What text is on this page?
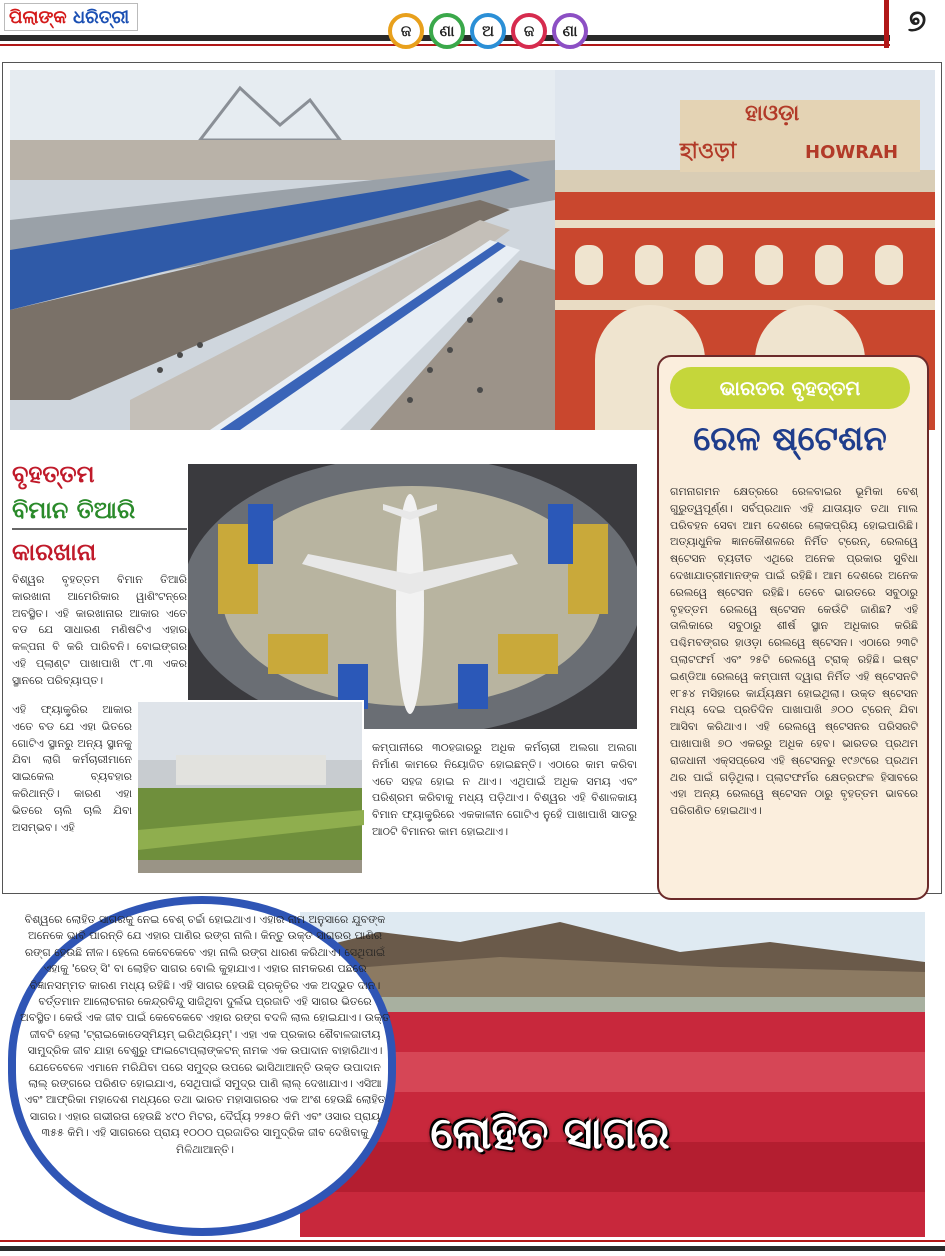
ପିଲାଙ୍କ ଧରିତ୍ରୀ
ଜ ଣା ଅ ଜ ଣା	୭
ହାଓଡ଼ା
হাওড়া	HOWRAH
ଭାରତର ବୃହତ୍ତମ
ରେଳ ଷ୍ଟେଶନ
ଗମନାଗମନ କ୍ଷେତ୍ରରେ ରେଳବାଇର ଭୂମିକା ବେଶ୍ ଗୁରୁତ୍ୱପୂର୍ଣ୍ଣ। ସର୍ବପ୍ରଥାନ ଏହି ଯାତାୟାତ ତଥା ମାଲ ପରିବହନ ସେବା ଆମ ଦେଶରେ ଲୋକପ୍ରିୟ ହୋଇପାରିଛି। ଅତ୍ୟାଧୁନିକ ଜ୍ଞାନକୌଶଳରେ ନିର୍ମିତ ଟ୍ରେନ୍, ରେଲୱେ ଷ୍ଟେସନ ବ୍ୟତୀତ ଏଥିରେ ଅନେକ ପ୍ରକାର ସୁବିଧା ଦେଖାଯାତ୍ରୀମାନଙ୍କ ପାଇଁ ରହିଛି। ଆମ ଦେଶରେ ଅନେକ ରେଲୱେ ଷ୍ଟେସନ ରହିଛି। ତେବେ ଭାରତରେ ସବୁଠାରୁ ବୃହତ୍ତମ ରେଲୱେ ଷ୍ଟେସନ କେଉଁଟି ଜାଣିଛ? ଏହି ତାଲିକାରେ ସବୁଠାରୁ ଶୀର୍ଷ ସ୍ଥାନ ଅଧିକାର କରିଛି ପଶ୍ଚିମବଙ୍ଗର ହାଓଡ଼ା ରେଲୱେ ଷ୍ଟେସନ। ଏଠାରେ ୨୩ଟି ପ୍ଲାଟଫର୍ମ ଏବଂ ୨୫ଟି ରେଲୱେ ଟ୍ରାକ୍ ରହିଛି। ଇଷ୍ଟ ଇଣ୍ଡିଆ ରେଲୱେ କମ୍ପାନୀ ଦ୍ୱାରା ନିର୍ମିତ ଏହି ଷ୍ଟେସନଟି ୧୮୫୪ ମସିହାରେ କାର୍ଯ୍ୟକ୍ଷମ ହୋଇଥିଲା। ଉକ୍ତ ଷ୍ଟେସନ ମଧ୍ୟ ଦେଇ ପ୍ରତିଦିନ ପାଖାପାଖି ୬୦୦ ଟ୍ରେନ୍ ଯିବା ଆସିବା କରିଥାଏ। ଏହି ରେଲୱେ ଷ୍ଟେସନର ପରିସରଟି ପାଖାପାଖି ୭୦ ଏକରରୁ ଅଧିକ ହେବ। ଭାରତର ପ୍ରଥମ ରାଜଧାନୀ ଏକ୍ସପ୍ରେସ ଏହି ଷ୍ଟେସନରୁ ୧୯୬୯ରେ ପ୍ରଥମ ଥର ପାଇଁ ଗଡ଼ିଥିଲା। ପ୍ଲାଟଫର୍ମର କ୍ଷେତ୍ରଫଳ ହିସାବରେ ଏହା ଅନ୍ୟ ରେଲୱେ ଷ୍ଟେସନ ଠାରୁ ବୃହତ୍ତମ ଭାବରେ ପରିଗଣିତ ହୋଇଥାଏ।
ବୃହତ୍ତମ
ବିମାନ ତିଆରି
କାରଖାନା
ବିଶ୍ୱର ବୃହତ୍ତମ ବିମାନ ତିଆରି କାରଖାନା ଆମେରିକାର ୱାଶିଂଟନ୍‌ରେ ଅବସ୍ଥିତ। ଏହି କାରଖାନାର ଆକାର ଏତେ ବଡ ଯେ ସାଧାରଣ ମଣିଷଟିଏ ଏହାର କଳ୍ପନା ବି କରି ପାରିବନି। ବୋଇଙ୍ଗର ଏହି ପ୍ଲାଣ୍ଟ ପାଖାପାଖି ୯୮.୩ ଏକର ସ୍ଥାନରେ ପରିବ୍ୟାପ୍ତ।
ଏହି ଫ୍ୟାକ୍ଟ୍ରିର ଆକାର ଏତେ ବଡ ଯେ ଏହା ଭିତରେ ଗୋଟିଏ ସ୍ଥାନରୁ ଅନ୍ୟ ସ୍ଥାନକୁ ଯିବା ଲାଗି କର୍ମଚାରୀମାନେ ସାଇକେଲ ବ୍ୟବହାର କରିଥାନ୍ତି। କାରଣ ଏହା ଭିତରେ ଚାଲି ଚାଲି ଯିବା ଅସମ୍ଭବ। ଏହି
କମ୍ପାନୀରେ ୩୦ହଜାରରୁ ଅଧିକ କର୍ମଚାରୀ ଅଲଗା ଅଲଗା ନିର୍ମାଣ କାମରେ ନିୟୋଜିତ ହୋଇଛନ୍ତି। ଏଠାରେ କାମ କରିବା ଏତେ ସହଜ ହୋଇ ନ ଥାଏ। ଏଥିପାଇଁ ଅଧିକ ସମୟ ଏବଂ ପରିଶ୍ରମ କରିବାକୁ ମଧ୍ୟ ପଡ଼ିଥାଏ। ବିଶ୍ୱର ଏହି ବିଶାଳକାୟ ବିମାନ ଫ୍ୟାକ୍ଟ୍ରିରେ ଏକକାଳୀନ ଗୋଟିଏ ନୁହେଁ ପାଖାପାଖି ସାତରୁ ଆଠଟି ବିମାନର କାମ ହୋଇଥାଏ।
ଲୋହିତ ସାଗର
ବିଶ୍ୱରେ ଲୋହିତ ସାଗରକୁ ନେଇ ବେଶ୍ ଚର୍ଚ୍ଚା ହୋଇଥାଏ। ଏହାର ନାମ ଅନୁସାରେ ଯୁବଙ୍କ ଅନେକେ ଭାବି ପାରନ୍ତି ଯେ ଏହାର ପାଣିର ରଙ୍ଗ ନାଲି। କିନ୍ତୁ ଉକ୍ତ ସାଗରର ପାଣିର ରଙ୍ଗ ହେଉଛି ନୀଳ। ହେଲେ କେବେକେବେ ଏହା ନାଲି ରଙ୍ଗ ଧାରଣ କରିଥାଏ। ସେଥିପାଇଁ ଏହାକୁ 'ରେଡ୍ ସି' ବା ଲୋହିତ ସାଗର ବୋଲି କୁହାଯାଏ। ଏହାର ନାମକରଣ ପଛରେ ବିଜ୍ଞାନସମ୍ମତ କାରଣ ମଧ୍ୟ ରହିଛି। ଏହି ସାଗର ହେଉଛି ପ୍ରକୃତିର ଏକ ଅଦ୍ଭୁତ ଦାନ। ବର୍ତ୍ତମାନ ଆଲୋଚନାର କେନ୍ଦ୍ରବିନ୍ଦୁ ସାଜିଥିବା ଦୁର୍ଲଭ ପ୍ରଜାତି ଏହି ସାଗର ଭିତରେ ଅବସ୍ଥିତ। କେଉଁ ଏକ ଜୀବ ପାଇଁ କେବେକେବେ ଏହାର ରଙ୍ଗ ବଦଳି ଲାଲ ହୋଇଯାଏ। ଉକ୍ତ ଜୀବଟି ହେଲା 'ଟ୍ରାଇକୋଡେସ୍ମିୟମ୍ ଇରିଥ୍ରିୟମ୍'। ଏହା ଏକ ପ୍ରକାର ଶୈବାଳଜାତୀୟ ସାମୁଦ୍ରିକ ଜୀବ ଯାହା ବେଶୁରୁ ଫାଇଟୋପ୍ଲାଙ୍କଟନ୍ ନାମକ ଏକ ଉପାଦାନ ବାହାରିଥାଏ। ଯେତେବେଳେ ଏମାନେ ମରିଯିବା ପରେ ସମୁଦ୍ର ଉପରେ ଭାସିଥାଆନ୍ତି ଉକ୍ତ ଉପାଦାନ ଲାଲ୍ ରଙ୍ଗରେ ପରିଣତ ହୋଇଯାଏ, ସେଥିପାଇଁ ସମୁଦ୍ର ପାଣି ଲାଲ୍ ଦେଖାଯାଏ। ଏସିଆ ଏବଂ ଆଫ୍ରିକା ମହାଦେଶ ମଧ୍ୟରେ ତଥା ଭାରତ ମହାସାଗରର ଏକ ଅଂଶ ହେଉଛି ଲୋହିତ ସାଗର। ଏହାର ଗଭୀରତା ହେଉଛି ୪୯୦ ମିଟର, ଦୈର୍ଘ୍ୟ ୨୨୫୦ କିମି ଏବଂ ଓସାର ପ୍ରାୟ ୩୫୫ କିମି। ଏହି ସାଗରରେ ପ୍ରାୟ ୧୦୦୦ ପ୍ରଜାତିର ସାମୁଦ୍ରିକ ଜୀବ ଦେଖିବାକୁ ମିଳିଥାଆନ୍ତି।
